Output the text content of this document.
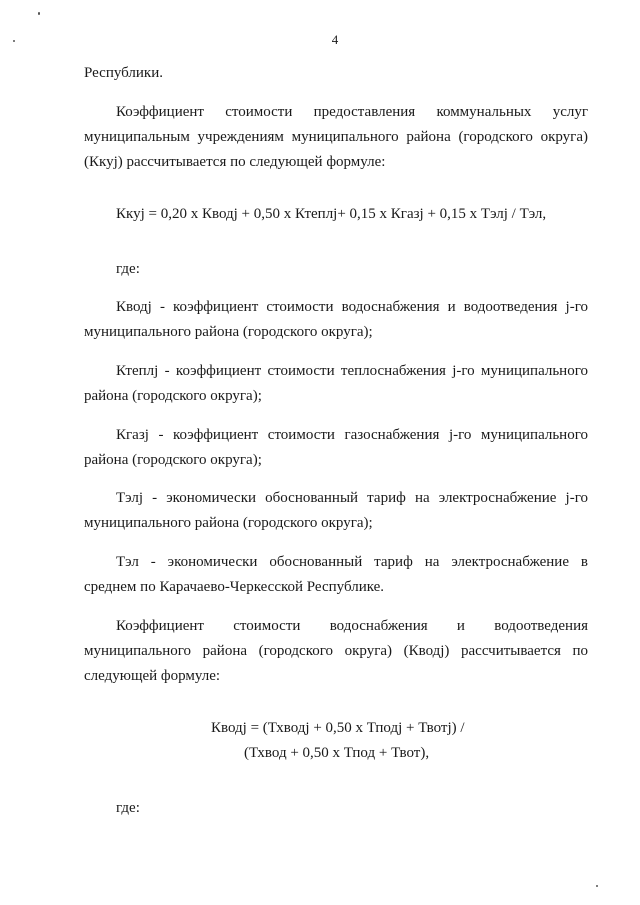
4
Республики.
Коэффициент стоимости предоставления коммунальных услуг
муниципальным учреждениям муниципального района (городского округа)
(Ккуj) рассчитывается по следующей формуле:
Ккуj = 0,20 х Кводj + 0,50 х Ктеплj+ 0,15 х Кгазj + 0,15 х Тэлj / Тэл,
где:
Кводj - коэффициент стоимости водоснабжения и водоотведения j-го
муниципального района (городского округа);
Ктеплj - коэффициент стоимости теплоснабжения j-го муниципального
района (городского округа);
Кгазj - коэффициент стоимости газоснабжения j-го муниципального
района (городского округа);
Тэлj - экономически обоснованный тариф на электроснабжение j-го
муниципального района (городского округа);
Тэл - экономически обоснованный тариф на электроснабжение в
среднем по Карачаево-Черкесской Республике.
Коэффициент стоимости водоснабжения и водоотведения
муниципального района (городского округа) (Кводj) рассчитывается по
следующей формуле:
Кводj = (Тхводj + 0,50 х Тподj + Твотj) /
(Тхвод + 0,50 х Тпод + Твот),
где:
